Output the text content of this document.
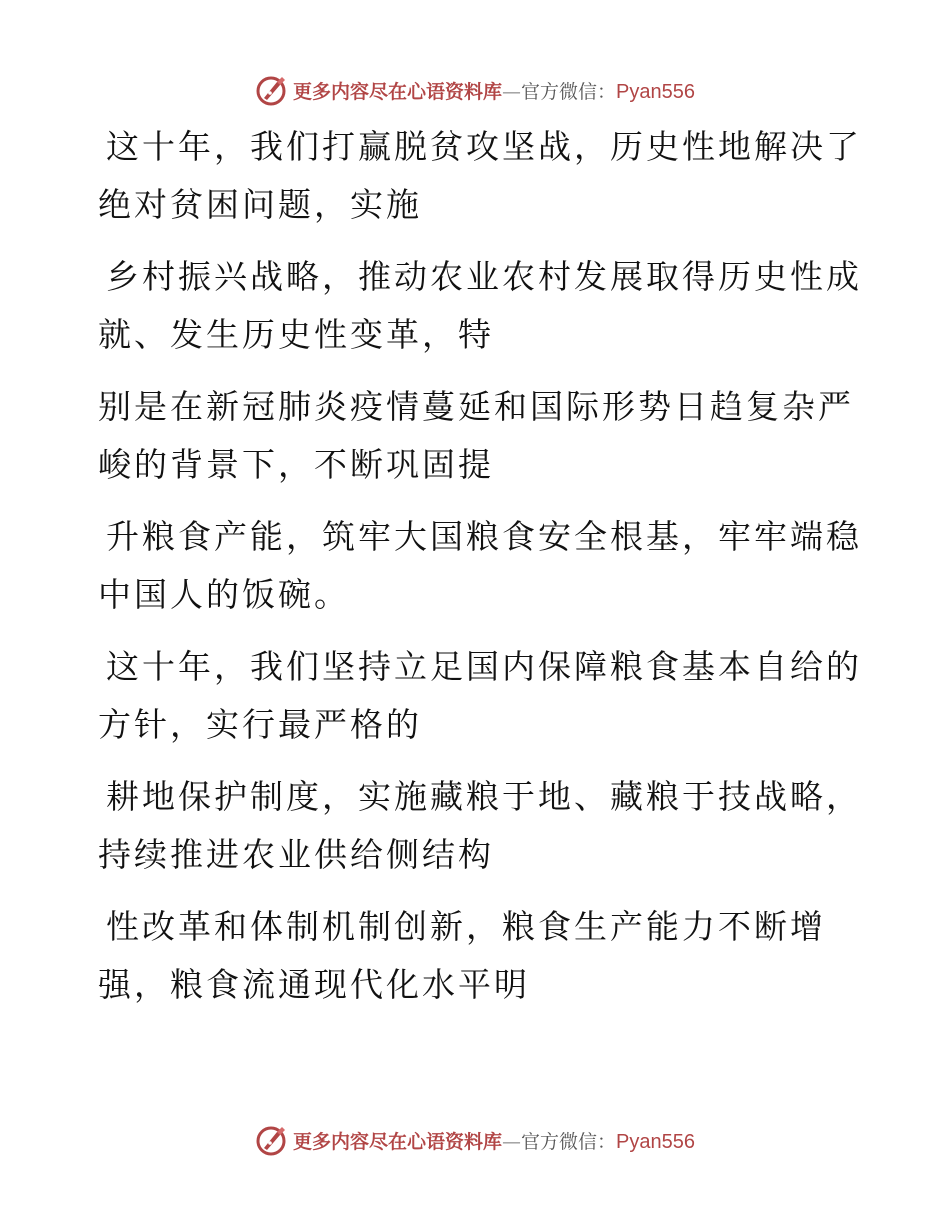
更多内容尽在心语资料库 — 官方微信： Pyan556
这十年，我们打赢脱贫攻坚战，历史性地解决了
绝对贫困问题，实施
乡村振兴战略，推动农业农村发展取得历史性成
就、发生历史性变革，特
别是在新冠肺炎疫情蔓延和国际形势日趋复杂严
峻的背景下，不断巩固提
升粮食产能，筑牢大国粮食安全根基，牢牢端稳
中国人的饭碗。
这十年，我们坚持立足国内保障粮食基本自给的
方针，实行最严格的
耕地保护制度，实施藏粮于地、藏粮于技战略，
持续推进农业供给侧结构
性改革和体制机制创新，粮食生产能力不断增
强，粮食流通现代化水平明
更多内容尽在心语资料库 — 官方微信： Pyan556
